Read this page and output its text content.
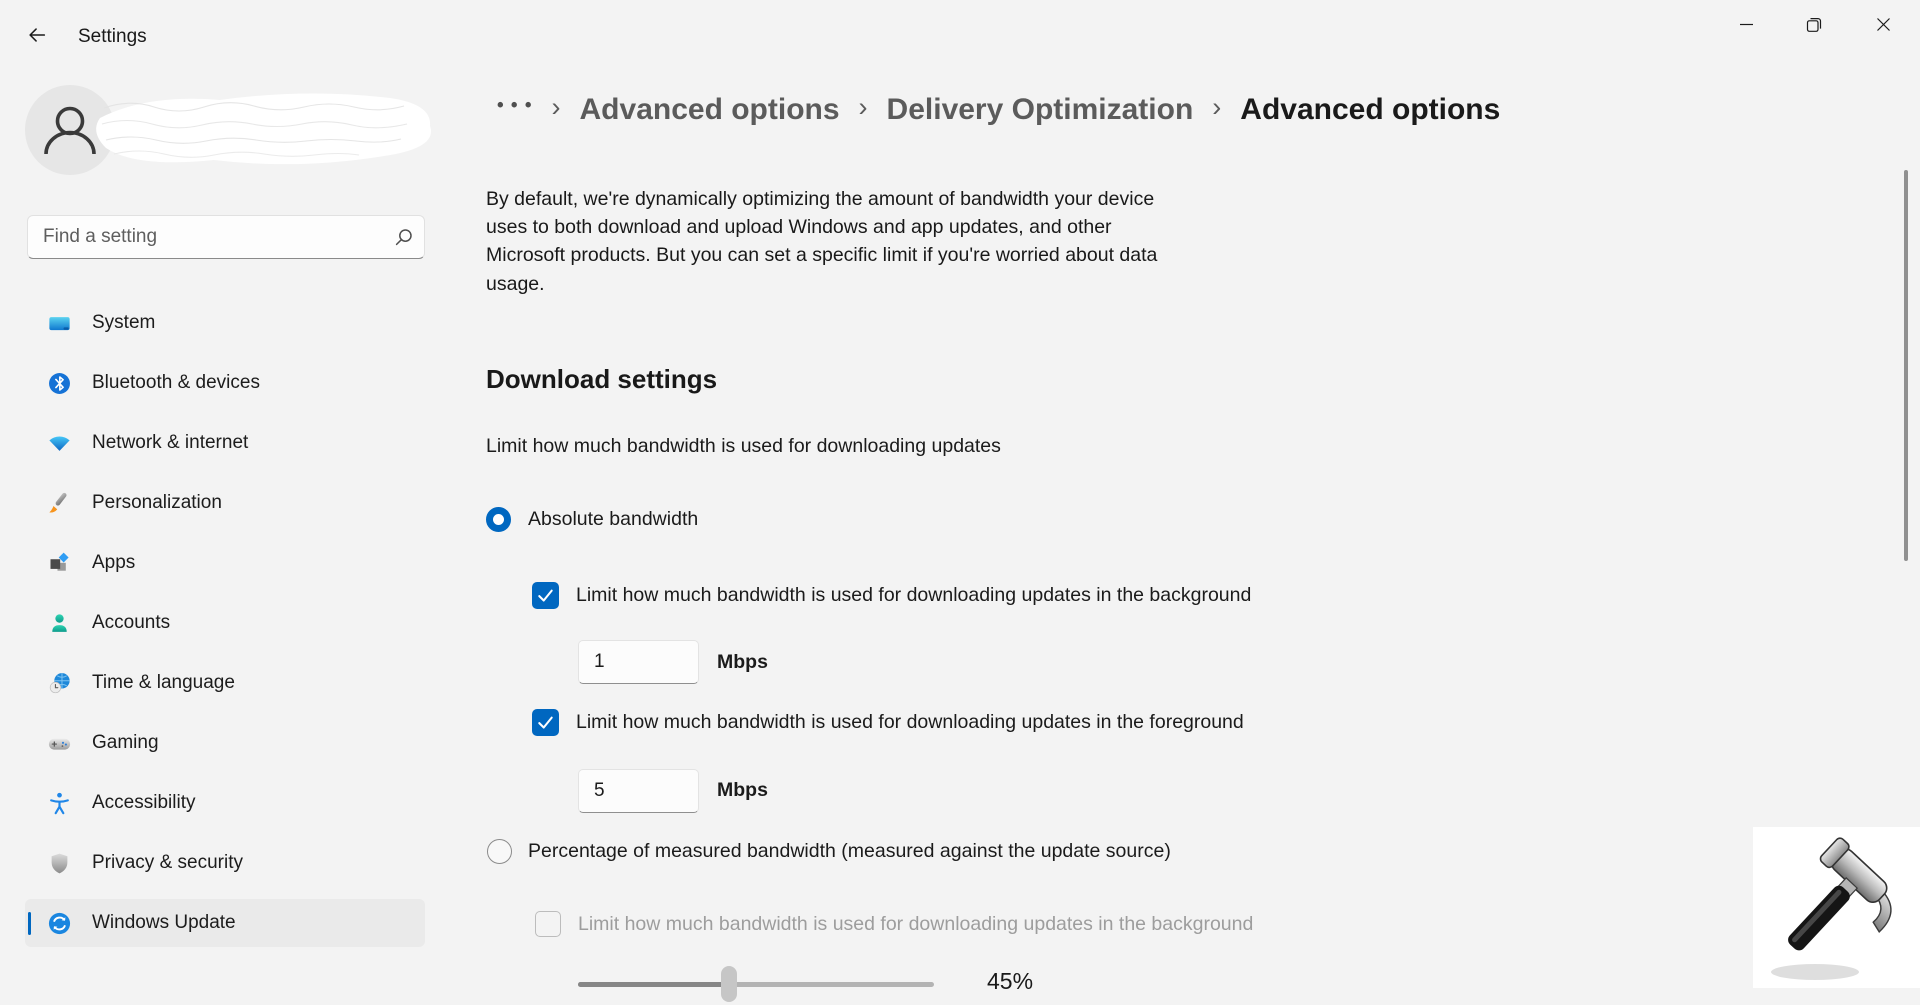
Settings
Find a setting
System
Bluetooth & devices
Network & internet
Personalization
Apps
Accounts
Time & language
Gaming
Accessibility
Privacy & security
Windows Update
• • • › Advanced options › Delivery Optimization › Advanced options
By default, we're dynamically optimizing the amount of bandwidth your device uses to both download and upload Windows and app updates, and other Microsoft products. But you can set a specific limit if you're worried about data usage.
Download settings
Limit how much bandwidth is used for downloading updates
Absolute bandwidth
Limit how much bandwidth is used for downloading updates in the background
1
Mbps
Limit how much bandwidth is used for downloading updates in the foreground
5
Mbps
Percentage of measured bandwidth (measured against the update source)
Limit how much bandwidth is used for downloading updates in the background
45%
